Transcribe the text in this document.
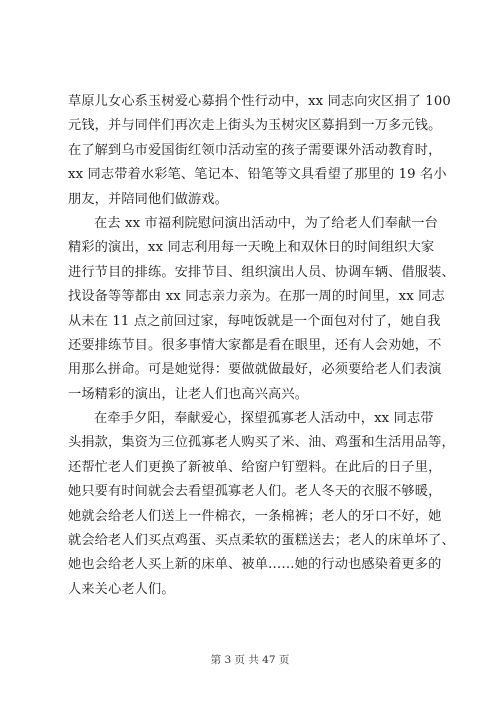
草原儿女心系玉树爱心募捐个性行动中，xx 同志向灾区捐了 100
元钱，并与同伴们再次走上街头为玉树灾区募捐到一万多元钱。
在了解到乌市爱国街红领巾活动室的孩子需要课外活动教育时，
xx 同志带着水彩笔、笔记本、铅笔等文具看望了那里的 19 名小
朋友，并陪同他们做游戏。
在去 xx 市福利院慰问演出活动中，为了给老人们奉献一台
精彩的演出，xx 同志利用每一天晚上和双休日的时间组织大家
进行节目的排练。安排节目、组织演出人员、协调车辆、借服装、
找设备等等都由 xx 同志亲力亲为。在那一周的时间里，xx 同志
从未在 11 点之前回过家，每吨饭就是一个面包对付了，她自我
还要排练节目。很多事情大家都是看在眼里，还有人会劝她，不
用那么拼命。可是她觉得：要做就做最好，必须要给老人们表演
一场精彩的演出，让老人们也高兴高兴。
在牵手夕阳，奉献爱心，探望孤寡老人活动中，xx 同志带
头捐款，集资为三位孤寡老人购买了米、油、鸡蛋和生活用品等，
还帮忙老人们更换了新被单、给窗户钉塑料。在此后的日子里，
她只要有时间就会去看望孤寡老人们。老人冬天的衣服不够暖，
她就会给老人们送上一件棉衣，一条棉裤；老人的牙口不好，她
就会给老人们买点鸡蛋、买点柔软的蛋糕送去；老人的床单坏了、
她也会给老人买上新的床单、被单……她的行动也感染着更多的
人来关心老人们。
第 3 页 共 47 页
